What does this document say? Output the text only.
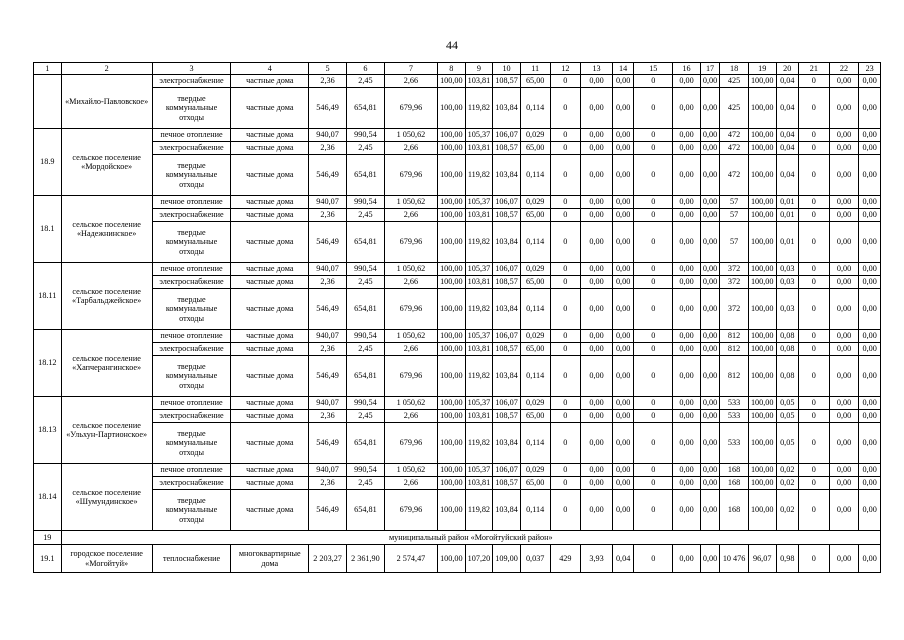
44
1	2	3	4	5	6	7	8	9	10	11	12	13	14	15	16	17	18	19	20	21	22	23
	«Михайло-Павловское»	электроснабжение	частные дома	2,36	2,45	2,66	100,00	103,81	108,57	65,00	0	0,00	0,00	0	0,00	0,00	425	100,00	0,04	0	0,00	0,00
		твердые коммунальные отходы	частные дома	546,49	654,81	679,96	100,00	119,82	103,84	0,114	0	0,00	0,00	0	0,00	0,00	425	100,00	0,04	0	0,00	0,00
18.9	сельское поселение «Мордойское»	печное отопление	частные дома	940,07	990,54	1 050,62	100,00	105,37	106,07	0,029	0	0,00	0,00	0	0,00	0,00	472	100,00	0,04	0	0,00	0,00
		электроснабжение	частные дома	2,36	2,45	2,66	100,00	103,81	108,57	65,00	0	0,00	0,00	0	0,00	0,00	472	100,00	0,04	0	0,00	0,00
		твердые коммунальные отходы	частные дома	546,49	654,81	679,96	100,00	119,82	103,84	0,114	0	0,00	0,00	0	0,00	0,00	472	100,00	0,04	0	0,00	0,00
18.1	сельское поселение «Надежнинское»	печное отопление	частные дома	940,07	990,54	1 050,62	100,00	105,37	106,07	0,029	0	0,00	0,00	0	0,00	0,00	57	100,00	0,01	0	0,00	0,00
		электроснабжение	частные дома	2,36	2,45	2,66	100,00	103,81	108,57	65,00	0	0,00	0,00	0	0,00	0,00	57	100,00	0,01	0	0,00	0,00
		твердые коммунальные отходы	частные дома	546,49	654,81	679,96	100,00	119,82	103,84	0,114	0	0,00	0,00	0	0,00	0,00	57	100,00	0,01	0	0,00	0,00
18.11	сельское поселение «Тарбальджейское»	печное отопление	частные дома	940,07	990,54	1 050,62	100,00	105,37	106,07	0,029	0	0,00	0,00	0	0,00	0,00	372	100,00	0,03	0	0,00	0,00
		электроснабжение	частные дома	2,36	2,45	2,66	100,00	103,81	108,57	65,00	0	0,00	0,00	0	0,00	0,00	372	100,00	0,03	0	0,00	0,00
		твердые коммунальные отходы	частные дома	546,49	654,81	679,96	100,00	119,82	103,84	0,114	0	0,00	0,00	0	0,00	0,00	372	100,00	0,03	0	0,00	0,00
18.12	сельское поселение «Хапчерангинское»	печное отопление	частные дома	940,07	990,54	1 050,62	100,00	105,37	106,07	0,029	0	0,00	0,00	0	0,00	0,00	812	100,00	0,08	0	0,00	0,00
		электроснабжение	частные дома	2,36	2,45	2,66	100,00	103,81	108,57	65,00	0	0,00	0,00	0	0,00	0,00	812	100,00	0,08	0	0,00	0,00
		твердые коммунальные отходы	частные дома	546,49	654,81	679,96	100,00	119,82	103,84	0,114	0	0,00	0,00	0	0,00	0,00	812	100,00	0,08	0	0,00	0,00
18.13	сельское поселение «Ульхун-Партионское»	печное отопление	частные дома	940,07	990,54	1 050,62	100,00	105,37	106,07	0,029	0	0,00	0,00	0	0,00	0,00	533	100,00	0,05	0	0,00	0,00
		электроснабжение	частные дома	2,36	2,45	2,66	100,00	103,81	108,57	65,00	0	0,00	0,00	0	0,00	0,00	533	100,00	0,05	0	0,00	0,00
		твердые коммунальные отходы	частные дома	546,49	654,81	679,96	100,00	119,82	103,84	0,114	0	0,00	0,00	0	0,00	0,00	533	100,00	0,05	0	0,00	0,00
18.14	сельское поселение «Шумундинское»	печное отопление	частные дома	940,07	990,54	1 050,62	100,00	105,37	106,07	0,029	0	0,00	0,00	0	0,00	0,00	168	100,00	0,02	0	0,00	0,00
		электроснабжение	частные дома	2,36	2,45	2,66	100,00	103,81	108,57	65,00	0	0,00	0,00	0	0,00	0,00	168	100,00	0,02	0	0,00	0,00
		твердые коммунальные отходы	частные дома	546,49	654,81	679,96	100,00	119,82	103,84	0,114	0	0,00	0,00	0	0,00	0,00	168	100,00	0,02	0	0,00	0,00
19	муниципальный район «Могойтуйский район»																					
19.1	городское поселение «Могойтуй»	теплоснабжение	многоквартирные дома	2 203,27	2 361,90	2 574,47	100,00	107,20	109,00	0,037	429	3,93	0,04	0	0,00	0,00	10 476	96,07	0,98	0	0,00	0,00
